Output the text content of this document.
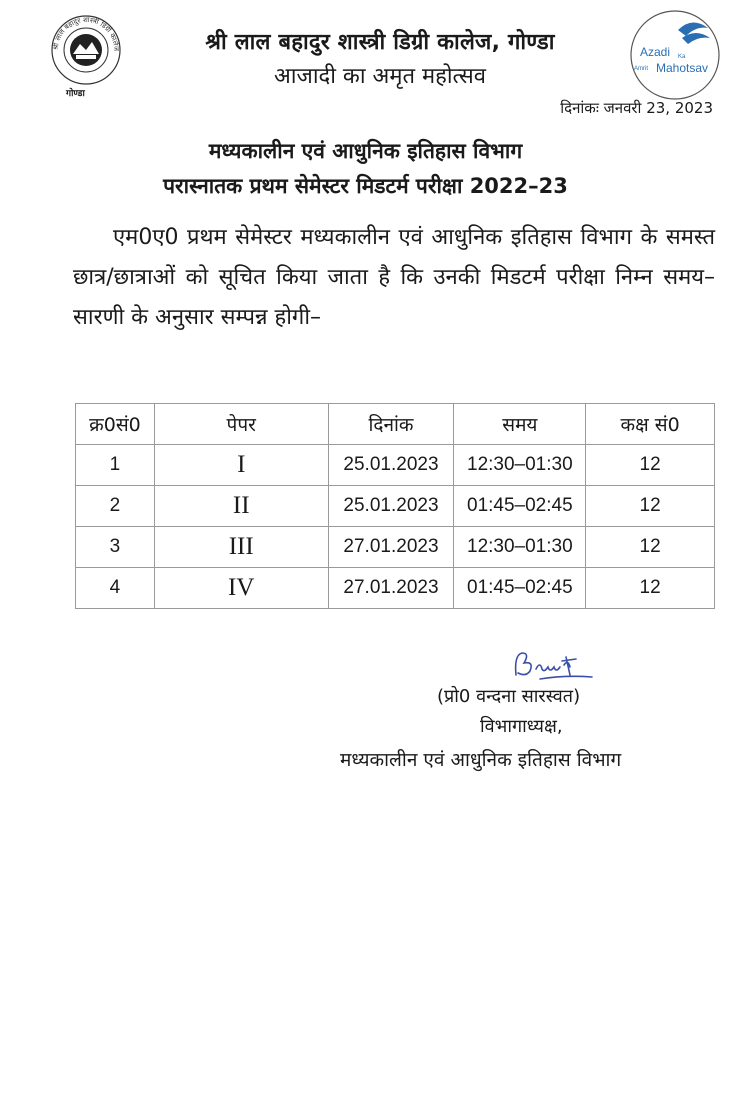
श्री लाल बहादुर शास्त्री डिग्री कालेज
गोण्डा
Azadi Ka
Amrit Mahotsav
श्री लाल बहादुर शास्त्री डिग्री कालेज, गोण्डा
आजादी का अमृत महोत्सव
दिनांकः जनवरी 23, 2023
मध्यकालीन एवं आधुनिक इतिहास विभाग
परास्नातक प्रथम सेमेस्टर मिडटर्म परीक्षा 2022–23
एम0ए0 प्रथम सेमेस्टर मध्यकालीन एवं आधुनिक इतिहास विभाग के समस्त छात्र/छात्राओं को सूचित किया जाता है कि उनकी मिडटर्म परीक्षा निम्न समय–सारणी के अनुसार सम्पन्न होगी–
क्र0सं0	पेपर	दिनांक	समय	कक्ष सं0
1	I	25.01.2023	12:30–01:30	12
2	II	25.01.2023	01:45–02:45	12
3	III	27.01.2023	12:30–01:30	12
4	IV	27.01.2023	01:45–02:45	12
(प्रो0 वन्दना सारस्वत)
विभागाध्यक्ष,
मध्यकालीन एवं आधुनिक इतिहास विभाग
